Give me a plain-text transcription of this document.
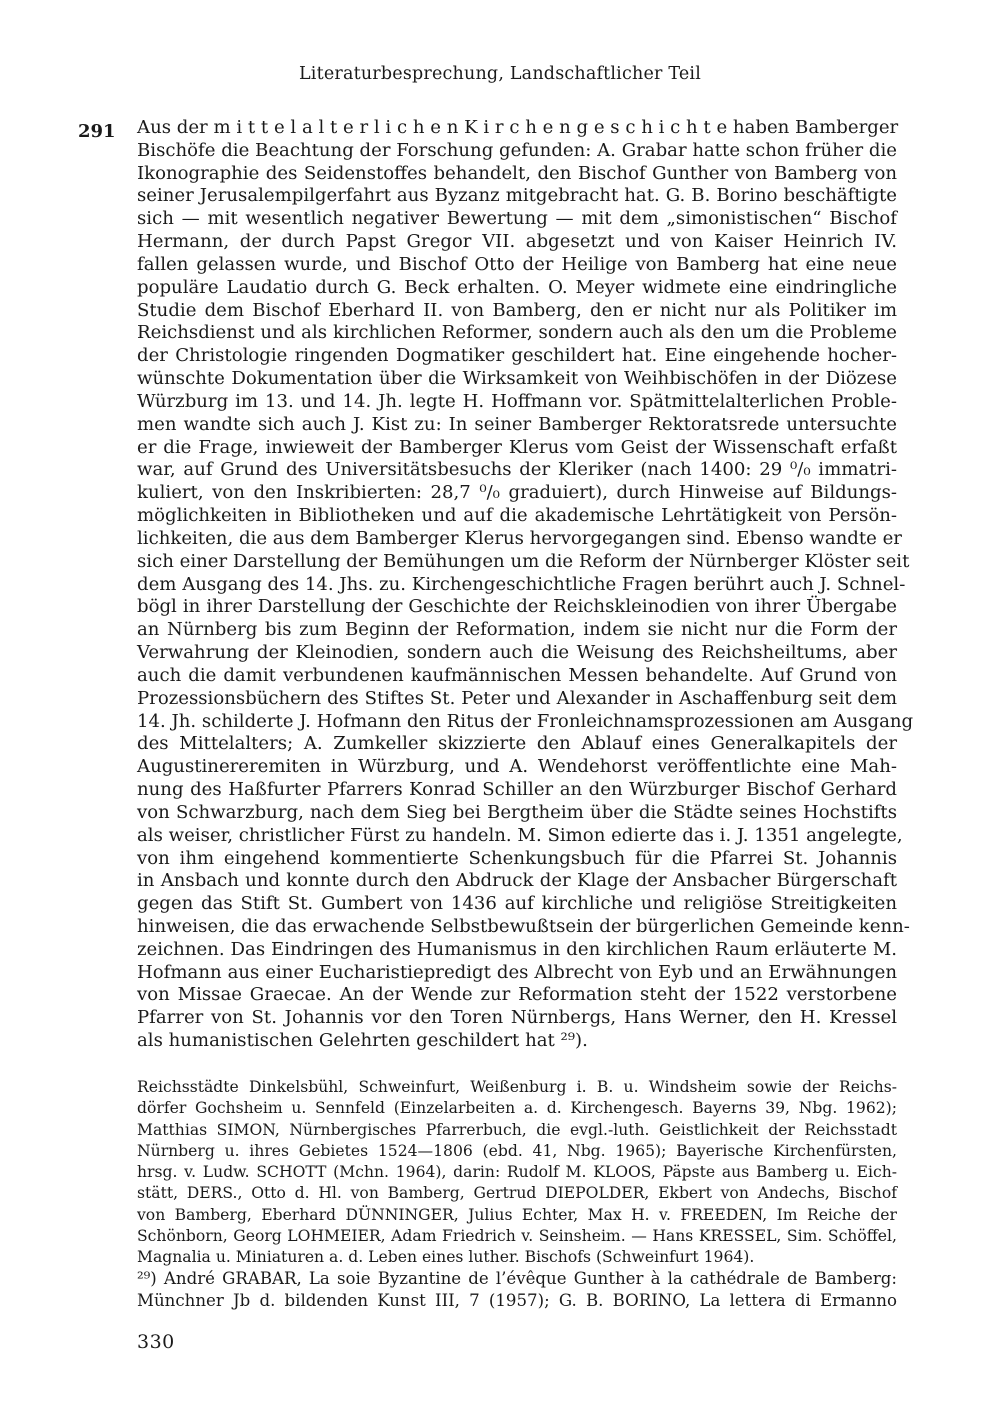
Literaturbesprechung, Landschaftlicher Teil
291 Aus der m i t t e l a l t e r l i c h e n K i r c h e n g e s c h i c h t e haben Bamberger
Bischöfe die Beachtung der Forschung gefunden: A. Grabar hatte schon früher die
Ikonographie des Seidenstoffes behandelt, den Bischof Gunther von Bamberg von
seiner Jerusalempilgerfahrt aus Byzanz mitgebracht hat. G. B. Borino beschäftigte
sich — mit wesentlich negativer Bewertung — mit dem „simonistischen“ Bischof
Hermann, der durch Papst Gregor VII. abgesetzt und von Kaiser Heinrich IV.
fallen gelassen wurde, und Bischof Otto der Heilige von Bamberg hat eine neue
populäre Laudatio durch G. Beck erhalten. O. Meyer widmete eine eindringliche
Studie dem Bischof Eberhard II. von Bamberg, den er nicht nur als Politiker im
Reichsdienst und als kirchlichen Reformer, sondern auch als den um die Probleme
der Christologie ringenden Dogmatiker geschildert hat. Eine eingehende hocher-
wünschte Dokumentation über die Wirksamkeit von Weihbischöfen in der Diözese
Würzburg im 13. und 14. Jh. legte H. Hoffmann vor. Spätmittelalterlichen Proble-
men wandte sich auch J. Kist zu: In seiner Bamberger Rektoratsrede untersuchte
er die Frage, inwieweit der Bamberger Klerus vom Geist der Wissenschaft erfaßt
war, auf Grund des Universitätsbesuchs der Kleriker (nach 1400: 29 ⁰/₀ immatri-
kuliert, von den Inskribierten: 28,7 ⁰/₀ graduiert), durch Hinweise auf Bildungs-
möglichkeiten in Bibliotheken und auf die akademische Lehrtätigkeit von Persön-
lichkeiten, die aus dem Bamberger Klerus hervorgegangen sind. Ebenso wandte er
sich einer Darstellung der Bemühungen um die Reform der Nürnberger Klöster seit
dem Ausgang des 14. Jhs. zu. Kirchengeschichtliche Fragen berührt auch J. Schnel-
bögl in ihrer Darstellung der Geschichte der Reichskleinodien von ihrer Übergabe
an Nürnberg bis zum Beginn der Reformation, indem sie nicht nur die Form der
Verwahrung der Kleinodien, sondern auch die Weisung des Reichsheiltums, aber
auch die damit verbundenen kaufmännischen Messen behandelte. Auf Grund von
Prozessionsbüchern des Stiftes St. Peter und Alexander in Aschaffenburg seit dem
14. Jh. schilderte J. Hofmann den Ritus der Fronleichnamsprozessionen am Ausgang
des Mittelalters; A. Zumkeller skizzierte den Ablauf eines Generalkapitels der
Augustinereremiten in Würzburg, und A. Wendehorst veröffentlichte eine Mah-
nung des Haßfurter Pfarrers Konrad Schiller an den Würzburger Bischof Gerhard
von Schwarzburg, nach dem Sieg bei Bergtheim über die Städte seines Hochstifts
als weiser, christlicher Fürst zu handeln. M. Simon edierte das i. J. 1351 angelegte,
von ihm eingehend kommentierte Schenkungsbuch für die Pfarrei St. Johannis
in Ansbach und konnte durch den Abdruck der Klage der Ansbacher Bürgerschaft
gegen das Stift St. Gumbert von 1436 auf kirchliche und religiöse Streitigkeiten
hinweisen, die das erwachende Selbstbewußtsein der bürgerlichen Gemeinde kenn-
zeichnen. Das Eindringen des Humanismus in den kirchlichen Raum erläuterte M.
Hofmann aus einer Eucharistiepredigt des Albrecht von Eyb und an Erwähnungen
von Missae Graecae. An der Wende zur Reformation steht der 1522 verstorbene
Pfarrer von St. Johannis vor den Toren Nürnbergs, Hans Werner, den H. Kressel
als humanistischen Gelehrten geschildert hat ²⁹).
Reichsstädte Dinkelsbühl, Schweinfurt, Weißenburg i. B. u. Windsheim sowie der Reichs-
dörfer Gochsheim u. Sennfeld (Einzelarbeiten a. d. Kirchengesch. Bayerns 39, Nbg. 1962);
Matthias SIMON, Nürnbergisches Pfarrerbuch, die evgl.-luth. Geistlichkeit der Reichsstadt
Nürnberg u. ihres Gebietes 1524—1806 (ebd. 41, Nbg. 1965); Bayerische Kirchenfürsten,
hrsg. v. Ludw. SCHOTT (Mchn. 1964), darin: Rudolf M. KLOOS, Päpste aus Bamberg u. Eich-
stätt, DERS., Otto d. Hl. von Bamberg, Gertrud DIEPOLDER, Ekbert von Andechs, Bischof
von Bamberg, Eberhard DÜNNINGER, Julius Echter, Max H. v. FREEDEN, Im Reiche der
Schönborn, Georg LOHMEIER, Adam Friedrich v. Seinsheim. — Hans KRESSEL, Sim. Schöffel,
Magnalia u. Miniaturen a. d. Leben eines luther. Bischofs (Schweinfurt 1964).
²⁹) André GRABAR, La soie Byzantine de l’évêque Gunther à la cathédrale de Bamberg:
Münchner Jb d. bildenden Kunst III, 7 (1957); G. B. BORINO, La lettera di Ermanno
330
